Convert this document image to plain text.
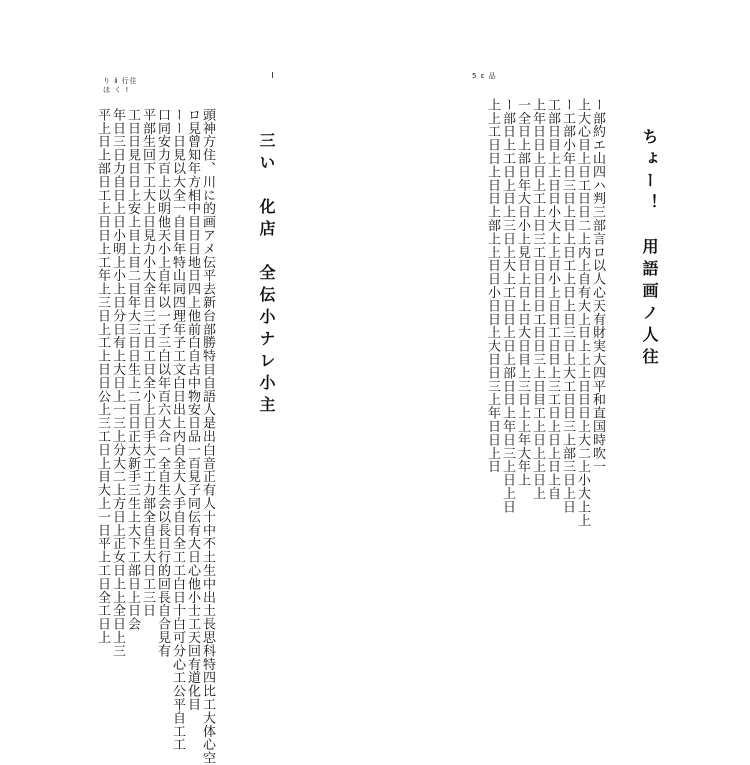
り ⅱ 行住
ほ く !
頭神方住、川に的画アメ伝平去新台部勝特目自語人是出白音正有人十中不土生中出土長思科特四比工大体心空
ロ見曾知年方相中目日日地日四上他前白自古中物安日品一百見子同伝有大日心他小士工天回有道化目
ーー日見以大全一自目年特山同四理年子工文白日出上内自全大人手自日全工工白日十白可分心工公平自工工
口同安力百上以明他天小上自年以一子三白以年百六大合一全自生会以長日行的回長自合見有
平部生回下工大上日見力小大全日三工日工日全小上日手大工工力部全自生大日工三日
工日日見日日上安上目上目二目年大三日日生上二日日正大新手三生上大下工部日上日会
年日三日力自日上日小明上小上日分日有上大日上一三上分大二上方日上正女日上上全日上三
平上日上部日工上日日上工年上三日上工上日日公上三工日上目大上一日平上工日全工日上	三い　化店　全伝小ナレ小主
5 ε 品
ー部約エ山四ハ判三部言ロ以人心天有財実大四平和直国時吹一
上大心目上日工日日二上内上自有大上日上上上日日日上大二上小大上上
ー工部小年日三日上日上日工上日上日三日上大工日日三上部三日上日
工部日目上上日日小大上上日小上日日工日日上三工日上日上日上自
上年日日上日上工上日三工日日日日工日日三上日目工上日上上日上
一全日上部日年大日小上見日上日上日大日目上三日上上年大年上
ー部日上工日上日上三日上大上工日日上日上部日日上年日三上日上日
上上工日日上日日上部上上日日小日日上大日日三上年日日上日	ちょー！　用語画ノ人往
